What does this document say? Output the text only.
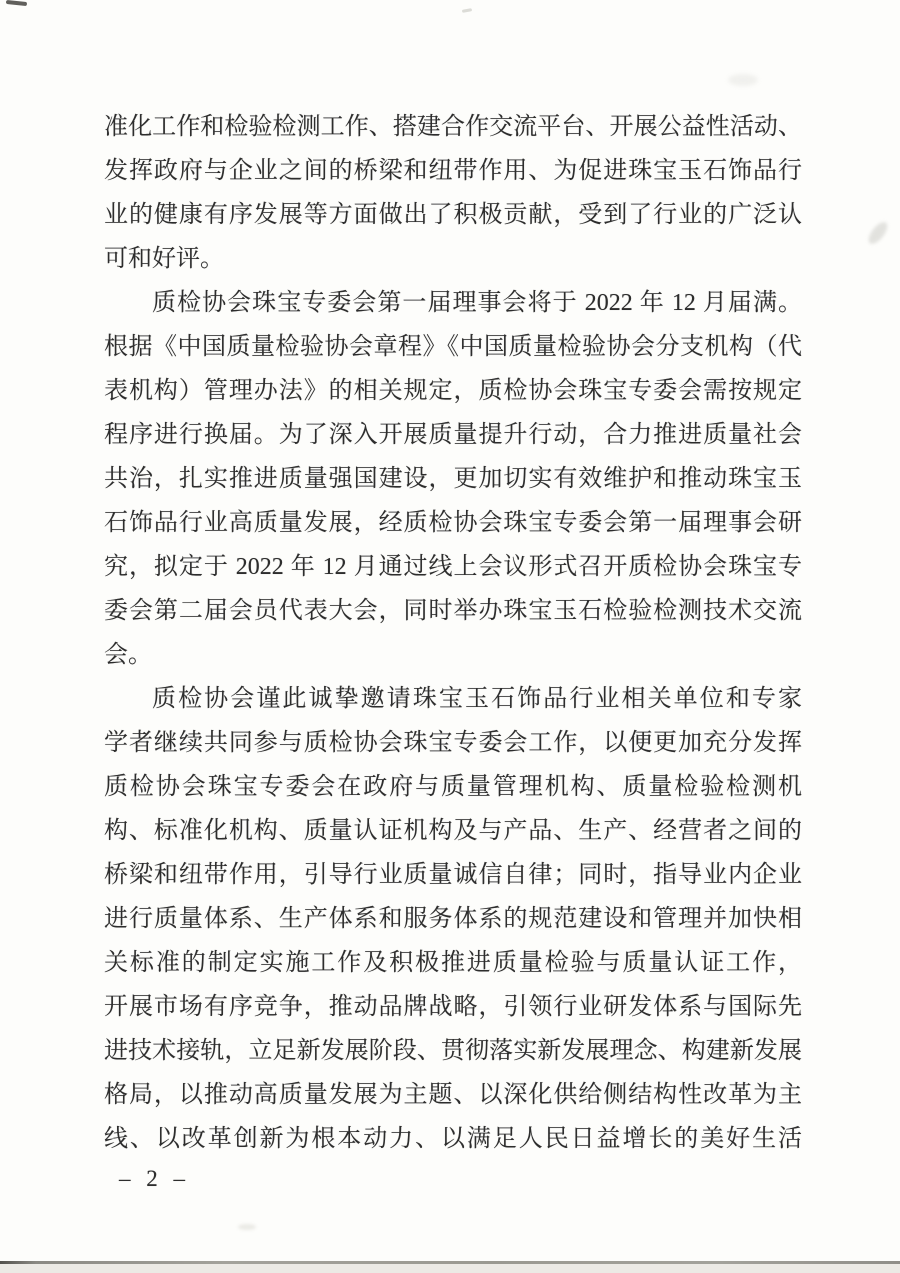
准化工作和检验检测工作、搭建合作交流平台、开展公益性活动、
发挥政府与企业之间的桥梁和纽带作用、为促进珠宝玉石饰品行
业的健康有序发展等方面做出了积极贡献，受到了行业的广泛认
可和好评。
质检协会珠宝专委会第一届理事会将于 2022 年 12 月届满。
根据《中国质量检验协会章程》《中国质量检验协会分支机构（代
表机构）管理办法》的相关规定，质检协会珠宝专委会需按规定
程序进行换届。为了深入开展质量提升行动，合力推进质量社会
共治，扎实推进质量强国建设，更加切实有效维护和推动珠宝玉
石饰品行业高质量发展，经质检协会珠宝专委会第一届理事会研
究，拟定于 2022 年 12 月通过线上会议形式召开质检协会珠宝专
委会第二届会员代表大会，同时举办珠宝玉石检验检测技术交流
会。
质检协会谨此诚挚邀请珠宝玉石饰品行业相关单位和专家
学者继续共同参与质检协会珠宝专委会工作，以便更加充分发挥
质检协会珠宝专委会在政府与质量管理机构、质量检验检测机
构、标准化机构、质量认证机构及与产品、生产、经营者之间的
桥梁和纽带作用，引导行业质量诚信自律；同时，指导业内企业
进行质量体系、生产体系和服务体系的规范建设和管理并加快相
关标准的制定实施工作及积极推进质量检验与质量认证工作，
开展市场有序竞争，推动品牌战略，引领行业研发体系与国际先
进技术接轨，立足新发展阶段、贯彻落实新发展理念、构建新发展
格局，以推动高质量发展为主题、以深化供给侧结构性改革为主
线、以改革创新为根本动力、以满足人民日益增长的美好生活
– 2 –
